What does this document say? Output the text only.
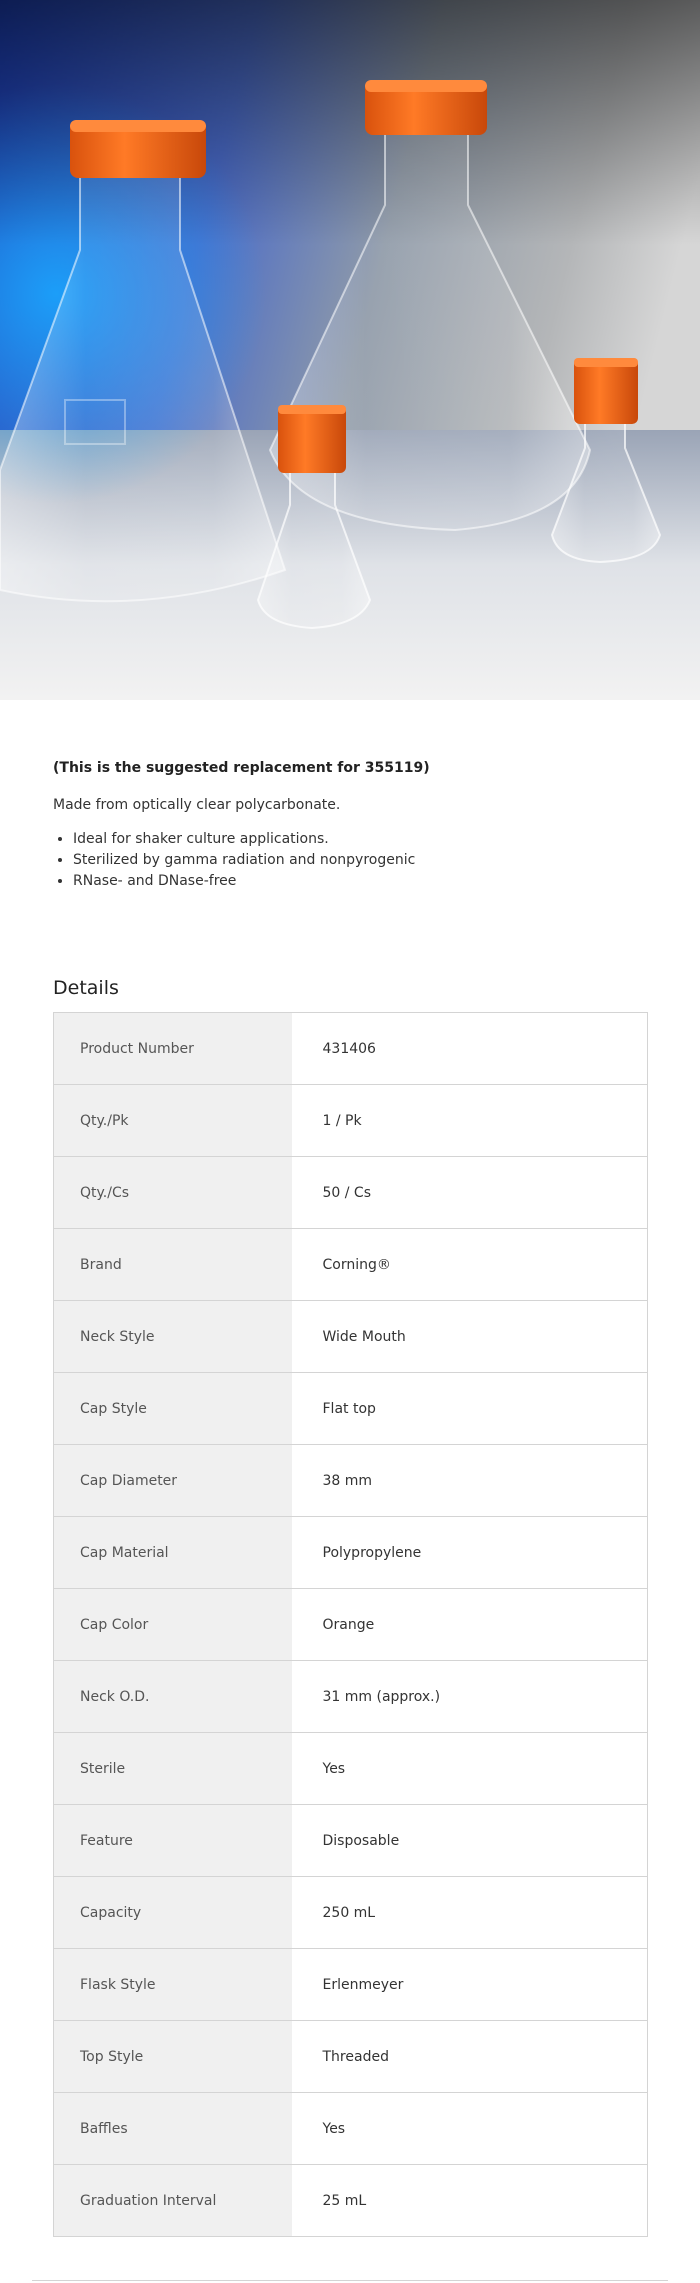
(This is the suggested replacement for 355119)

Made from optically clear polycarbonate.

• Ideal for shaker culture applications.
• Sterilized by gamma radiation and nonpyrogenic
• RNase- and DNase-free
Details
Product Number	431406
Qty./Pk	1 / Pk
Qty./Cs	50 / Cs
Brand	Corning®
Neck Style	Wide Mouth
Cap Style	Flat top
Cap Diameter	38 mm
Cap Material	Polypropylene
Cap Color	Orange
Neck O.D.	31 mm (approx.)
Sterile	Yes
Feature	Disposable
Capacity	250 mL
Flask Style	Erlenmeyer
Top Style	Threaded
Baffles	Yes
Graduation Interval	25 mL
